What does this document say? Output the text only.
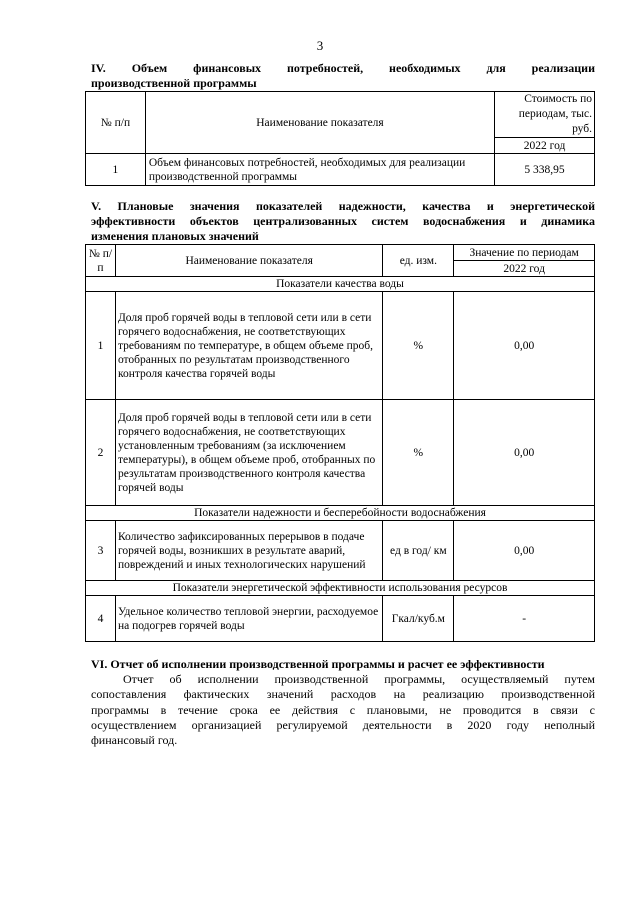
3
IV. Объем финансовых потребностей, необходимых для реализации
производственной программы
№ п/п	Наименование показателя	Стоимость по периодам, тыс. руб.
		2022 год
1	Объем финансовых потребностей, необходимых для реализации производственной программы	5 338,95
V. Плановые значения показателей надежности, качества и энергетической
эффективности объектов централизованных систем водоснабжения и динамика
изменения плановых значений
№ п/п	Наименование показателя	ед. изм.	Значение по периодам
			2022 год
Показатели качества воды			
1	Доля проб горячей воды в тепловой сети или в сети горячего водоснабжения, не соответствующих требованиям по температуре, в общем объеме проб, отобранных по результатам производственного контроля качества горячей воды	%	0,00
2	Доля проб горячей воды в тепловой сети или в сети горячего водоснабжения, не соответствующих установленным требованиям (за исключением температуры), в общем объеме проб, отобранных по результатам производственного контроля качества горячей воды	%	0,00
Показатели надежности и бесперебойности водоснабжения			
3	Количество зафиксированных перерывов в подаче горячей воды, возникших в результате аварий, повреждений и иных технологических нарушений	ед в год/ км	0,00
Показатели энергетической эффективности использования ресурсов			
4	Удельное количество тепловой энергии, расходуемое на подогрев горячей воды	Гкал/куб.м	-
VI. Отчет об исполнении производственной программы и расчет ее эффективности
Отчет об исполнении производственной программы, осуществляемый путем
сопоставления фактических значений расходов на реализацию производственной
программы в течение срока ее действия с плановыми, не проводится в связи с
осуществлением организацией регулируемой деятельности в 2020 году неполный
финансовый год.
